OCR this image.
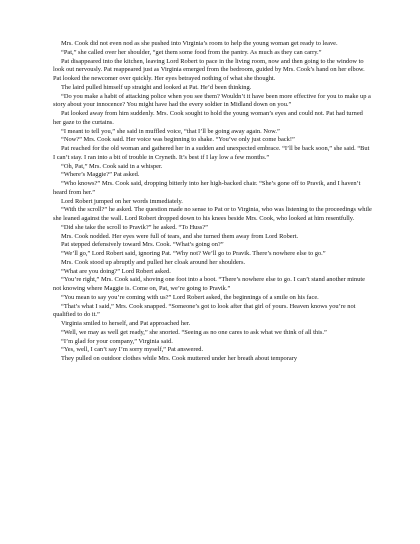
Mrs. Cook did not even nod as she pushed into Virginia’s room to help the young woman get ready to leave.

“Pat,” she called over her shoulder, “get them some food from the pantry. As much as they can carry.”

Pat disappeared into the kitchen, leaving Lord Robert to pace in the living room, now and then going to the window to look out nervously. Pat reappeared just as Virginia emerged from the bedroom, guided by Mrs. Cook’s hand on her elbow. Pat looked the newcomer over quickly. Her eyes betrayed nothing of what she thought.

The laird pulled himself up straight and looked at Pat. He’d been thinking.

“Do you make a habit of attacking police when you see them? Wouldn’t it have been more effective for you to make up a story about your innocence? You might have had the every soldier in Midland down on you.”

Pat looked away from him suddenly. Mrs. Cook sought to hold the young woman’s eyes and could not. Pat had turned her gaze to the curtains.

“I meant to tell you,” she said in muffled voice, “that I’ll be going away again. Now.”

“Now?” Mrs. Cook said. Her voice was beginning to shake. “You’ve only just come back!”

Pat reached for the old woman and gathered her in a sudden and unexpected embrace. “I’ll be back soon,” she said. “But I can’t stay. I ran into a bit of trouble in Cryneth. It’s best if I lay low a few months.”

“Oh, Pat,” Mrs. Cook said in a whisper.

“Where’s Maggie?” Pat asked.

“Who knows?” Mrs. Cook said, dropping bitterly into her high-backed chair. “She’s gone off to Pravik, and I haven’t heard from her.”

Lord Robert jumped on her words immediately.

“With the scroll?” he asked. The question made no sense to Pat or to Virginia, who was listening to the proceedings while she leaned against the wall. Lord Robert dropped down to his knees beside Mrs. Cook, who looked at him resentfully.

“Did she take the scroll to Pravik?” he asked. “To Huss?”

Mrs. Cook nodded. Her eyes were full of tears, and she turned them away from Lord Robert.

Pat stepped defensively toward Mrs. Cook. “What’s going on?”

“We’ll go,” Lord Robert said, ignoring Pat. “Why not? We’ll go to Pravik. There’s nowhere else to go.”

Mrs. Cook stood up abruptly and pulled her cloak around her shoulders.

“What are you doing?” Lord Robert asked.

“You’re right,” Mrs. Cook said, shoving one foot into a boot. “There’s nowhere else to go. I can’t stand another minute not knowing where Maggie is. Come on, Pat, we’re going to Pravik.”

“You mean to say you’re coming with us?” Lord Robert asked, the beginnings of a smile on his face.

“That’s what I said,” Mrs. Cook snapped. “Someone’s got to look after that girl of yours. Heaven knows you’re not qualified to do it.”

Virginia smiled to herself, and Pat approached her.

“Well, we may as well get ready,” she snorted. “Seeing as no one cares to ask what we think of all this.”

“I’m glad for your company,” Virginia said.

“Yes, well, I can’t say I’m sorry myself,” Pat answered.

They pulled on outdoor clothes while Mrs. Cook muttered under her breath about temporary
